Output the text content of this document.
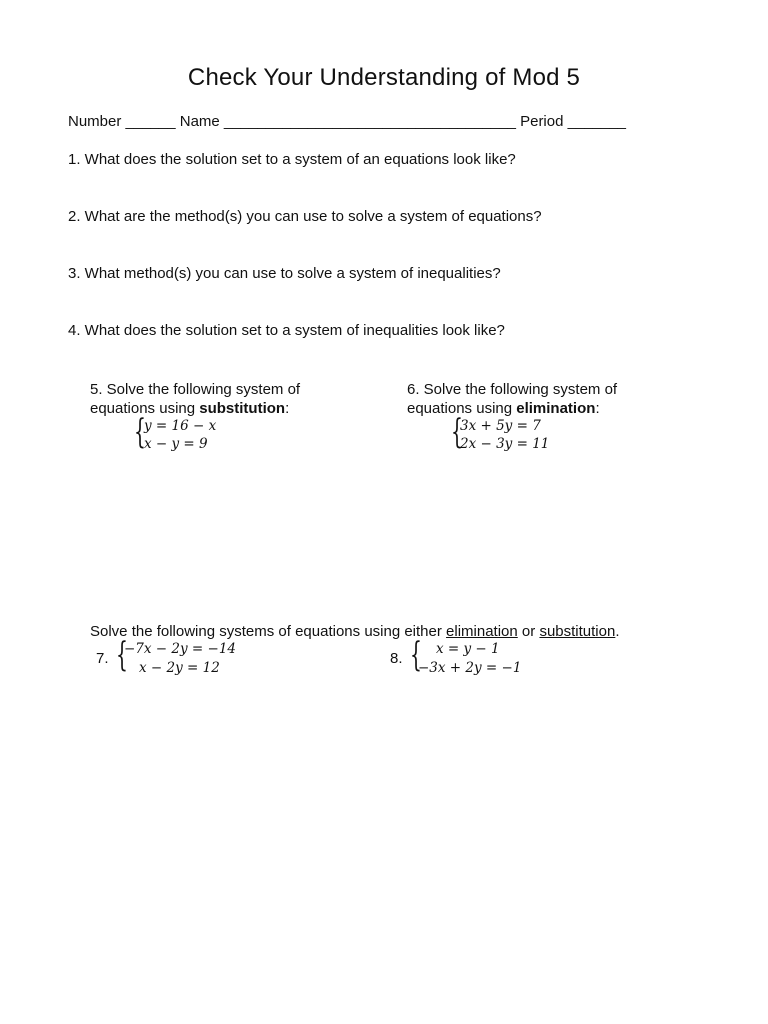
Check Your Understanding of Mod 5
Number ______ Name ___________________________________ Period _______
1. What does the solution set to a system of an equations look like?
2. What are the method(s) you can use to solve a system of equations?
3. What method(s) you can use to solve a system of inequalities?
4. What does the solution set to a system of inequalities look like?
5. Solve the following system of
equations using substitution:
{
y = 16 − x
x − y = 9
6. Solve the following system of
equations using elimination:
{
3x + 5y = 7
2x − 3y = 11
Solve the following systems of equations using either elimination or substitution.
7. {
−7x − 2y = −14
x − 2y = 12
8. { x = y − 1
−3x + 2y = −1
